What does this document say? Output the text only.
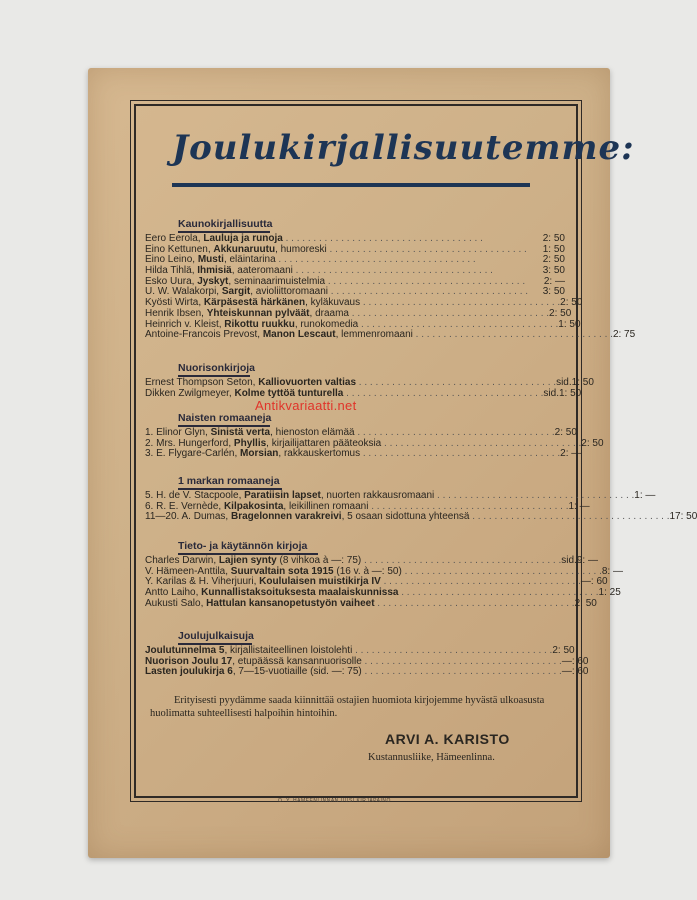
Joulukirjallisuutemme:
Kaunokirjallisuutta
Eero Eerola, Lauluja ja runoja . . . . . . . . . . . . . . . . . . . . . . . . . . . . . . . . . . . .	2: 50
Eino Kettunen, Akkunaruutu, humoreski . . . . . . . . . . . . . . . . . . . . . . . . . . . . . . . . . . . . 1: 50
Eino Leino, Musti, eläintarina . . . . . . . . . . . . . . . . . . . . . . . . . . . . . . . . . . . .	2: 50
Hilda Tihlä, Ihmisiä, aateromaani . . . . . . . . . . . . . . . . . . . . . . . . . . . . . . . . . . . .	3: 50
Esko Uura, Jyskyt, seminaarimuistelmia . . . . . . . . . . . . . . . . . . . . . . . . . . . . . . . . . . . .	2: —
U. W. Walakorpi, Sargit, avioliittoromaani . . . . . . . . . . . . . . . . . . . . . . . . . . . . . . . . . . . . 3: 50
Kyösti Wirta, Kärpäsestä härkänen, kyläkuvaus . . . . . . . . . . . . . . . . . . . . . . . . . . . . . . . . . . . . 2: 50
Henrik Ibsen, Yhteiskunnan pylväät, draama . . . . . . . . . . . . . . . . . . . . . . . . . . . . . . . . . . . . 2: 50
Heinrich v. Kleist, Rikottu ruukku, runokomedia . . . . . . . . . . . . . . . . . . . . . . . . . . . . . . . . . . . . 1: 50
Antoine-Francois Prevost, Manon Lescaut, lemmenromaani . . . . . . . . . . . . . . . . . . . . . . . . . . . . . . . . . . . . 2: 75
Nuorisonkirjoja
Ernest Thompson Seton, Kalliovuorten valtias . . . . . . . . . . . . . . . . . . . . . . . . . . . . . . . . . . . . sid. 1: 50
Dikken Zwilgmeyer, Kolme tyttöä tunturella . . . . . . . . . . . . . . . . . . . . . . . . . . . . . . . . . . . . sid. 1: 50
Naisten romaaneja
1. Elinor Glyn, Sinistä verta, hienoston elämää . . . . . . . . . . . . . . . . . . . . . . . . . . . . . . . . . . . . 2: 50
2. Mrs. Hungerford, Phyllis, kirjailijattaren pääteoksia . . . . . . . . . . . . . . . . . . . . . . . . . . . . . . . . . . . . 2: 50
3. E. Flygare-Carlén, Morsian, rakkauskertomus . . . . . . . . . . . . . . . . . . . . . . . . . . . . . . . . . . . . 2: —
1 markan romaaneja
5. H. de V. Stacpoole, Paratiisin lapset, nuorten rakkausromaani . . . . . . . . . . . . . . . . . . . . . . . . . . . . . . . . . . . . 1: —
6. R. E. Vernède, Kilpakosinta, leikillinen romaani . . . . . . . . . . . . . . . . . . . . . . . . . . . . . . . . . . . . 1: —
11—20. A. Dumas, Bragelonnen varakreivi, 5 osaan sidottuna yhteensä . . . . . . . . . . . . . . . . . . . . . . . . . . . . . . . . . . . . 17: 50
Tieto- ja käytännön kirjoja
Charles Darwin, Lajien synty (8 vihkoa à —: 75) . . . . . . . . . . . . . . . . . . . . . . . . . . . . . . . . . . . . sid. 9: —
V. Hämeen-Anttila, Suurvaltain sota 1915 (16 v. à —: 50) . . . . . . . . . . . . . . . . . . . . . . . . . . . . . . . . . . . . 8: —
Y. Karilas & H. Viherjuuri, Koululaisen muistikirja IV . . . . . . . . . . . . . . . . . . . . . . . . . . . . . . . . . . . . —: 60
Antto Laiho, Kunnallistaksoituksesta maalaiskunnissa . . . . . . . . . . . . . . . . . . . . . . . . . . . . . . . . . . . . 1: 25
Aukusti Salo, Hattulan kansanopetustyön vaiheet . . . . . . . . . . . . . . . . . . . . . . . . . . . . . . . . . . . . 2: 50
Joulujulkaisuja
Joulutunnelma 5, kirjallistaiteellinen loistolehti . . . . . . . . . . . . . . . . . . . . . . . . . . . . . . . . . . . . 2: 50
Nuorison Joulu 17, etupäässä kansannuorisolle . . . . . . . . . . . . . . . . . . . . . . . . . . . . . . . . . . . . —: 60
Lasten joulukirja 6, 7—15-vuotiaille (sid. —: 75) . . . . . . . . . . . . . . . . . . . . . . . . . . . . . . . . . . . . —: 60
Erityisesti pyydämme saada kiinnittää ostajien huomiota kirjojemme hyvästä ulkoasusta huolimatta suhteellisesti halpoihin hintoihin.
ARVI A. KARISTO
Kustannusliike, Hämeenlinna.
O. Y. HÄMEENLINNAN UUSI KIRJAPAINO
Antikvariaatti.net
